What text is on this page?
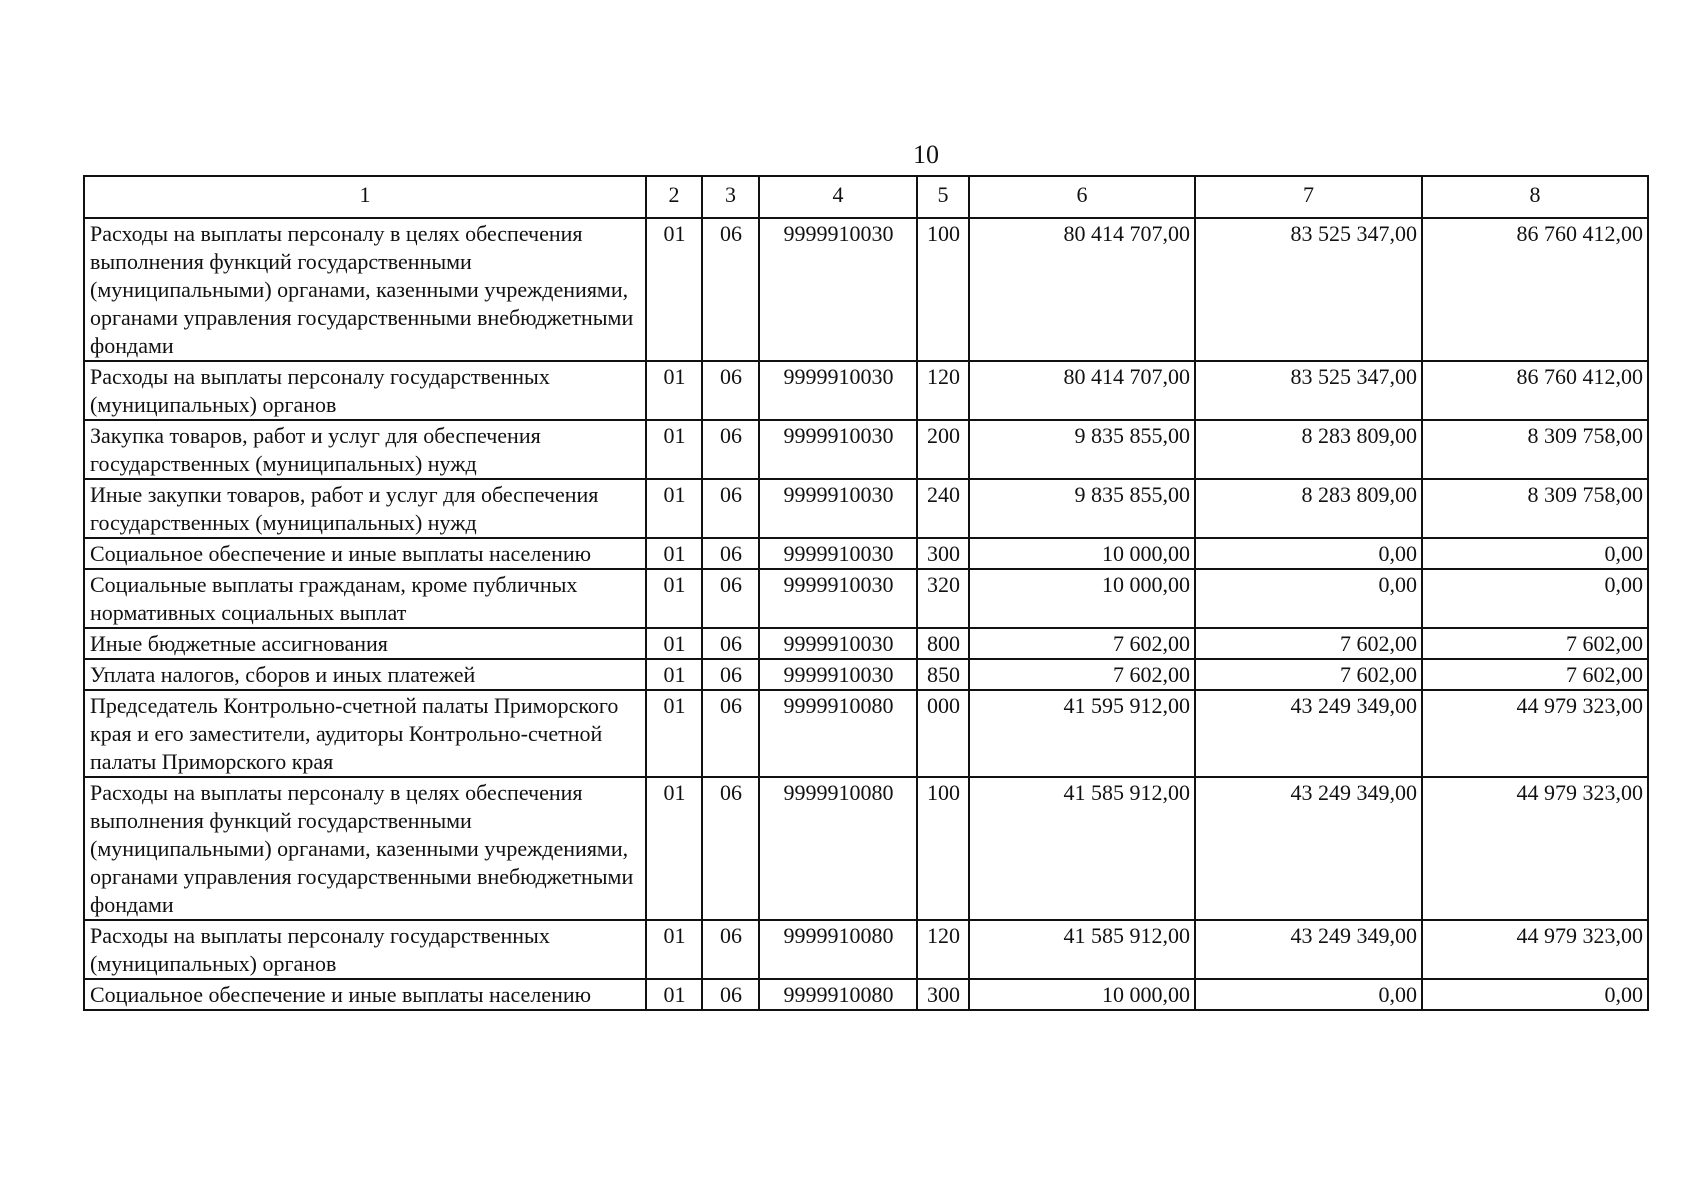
10
1	2	3	4	5	6	7	8
Расходы на выплаты персоналу в целях обеспечения выполнения функций государственными (муниципальными) органами, казенными учреждениями, органами управления государственными внебюджетными фондами	01	06	9999910030	100	80 414 707,00	83 525 347,00	86 760 412,00
Расходы на выплаты персоналу государственных (муниципальных) органов	01	06	9999910030	120	80 414 707,00	83 525 347,00	86 760 412,00
Закупка товаров, работ и услуг для обеспечения государственных (муниципальных) нужд	01	06	9999910030	200	9 835 855,00	8 283 809,00	8 309 758,00
Иные закупки товаров, работ и услуг для обеспечения государственных (муниципальных) нужд	01	06	9999910030	240	9 835 855,00	8 283 809,00	8 309 758,00
Социальное обеспечение и иные выплаты населению	01	06	9999910030	300	10 000,00	0,00	0,00
Социальные выплаты гражданам, кроме публичных нормативных социальных выплат	01	06	9999910030	320	10 000,00	0,00	0,00
Иные бюджетные ассигнования	01	06	9999910030	800	7 602,00	7 602,00	7 602,00
Уплата налогов, сборов и иных платежей	01	06	9999910030	850	7 602,00	7 602,00	7 602,00
Председатель Контрольно-счетной палаты Приморского края и его заместители, аудиторы Контрольно-счетной палаты Приморского края	01	06	9999910080	000	41 595 912,00	43 249 349,00	44 979 323,00
Расходы на выплаты персоналу в целях обеспечения выполнения функций государственными (муниципальными) органами, казенными учреждениями, органами управления государственными внебюджетными фондами	01	06	9999910080	100	41 585 912,00	43 249 349,00	44 979 323,00
Расходы на выплаты персоналу государственных (муниципальных) органов	01	06	9999910080	120	41 585 912,00	43 249 349,00	44 979 323,00
Социальное обеспечение и иные выплаты населению	01	06	9999910080	300	10 000,00	0,00	0,00
